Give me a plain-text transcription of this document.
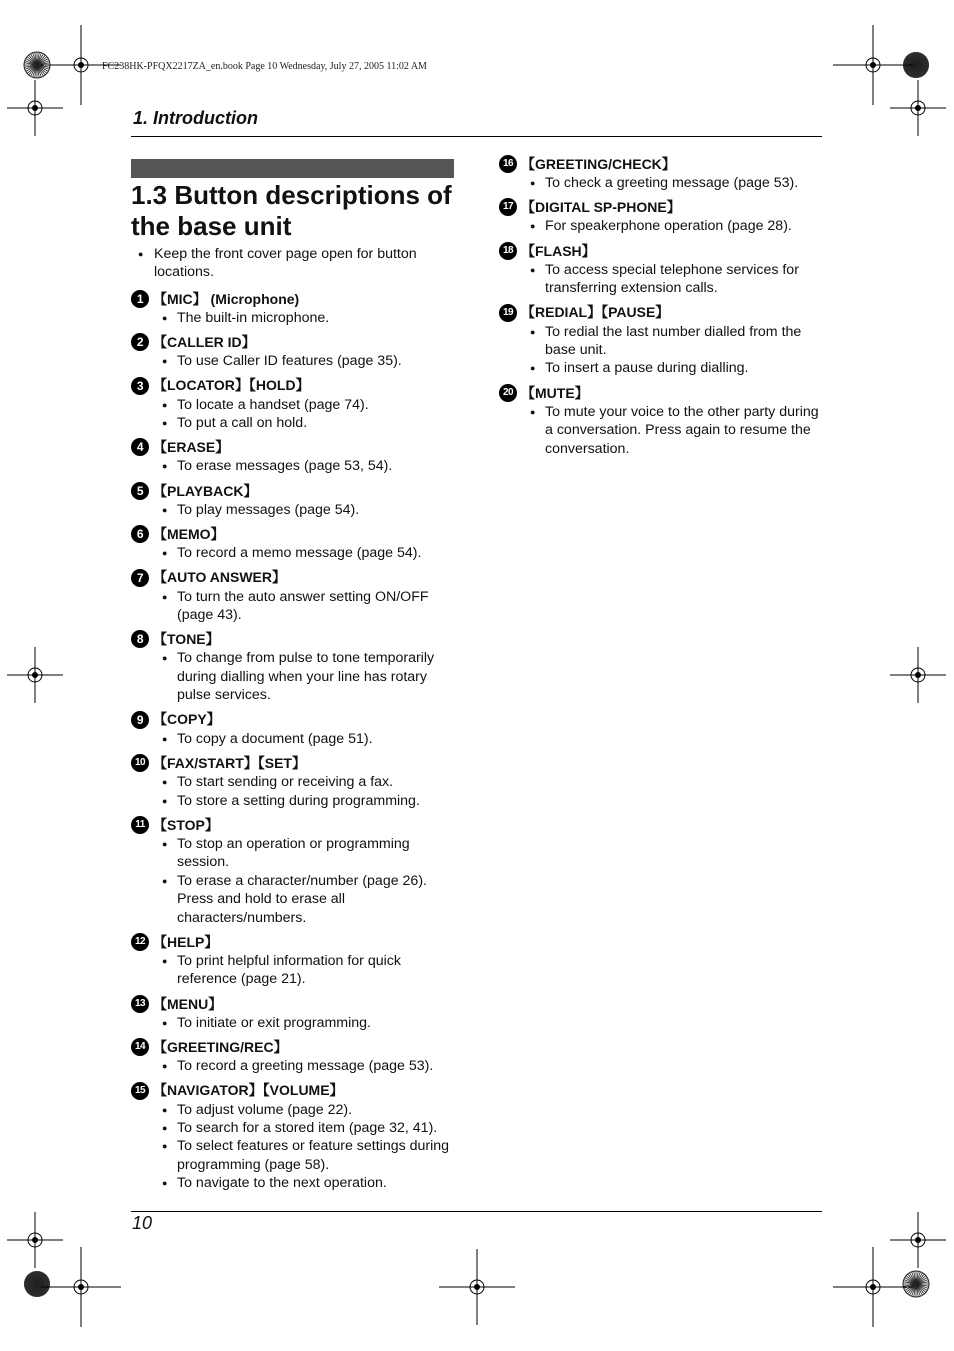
FC238HK-PFQX2217ZA_en.book Page 10 Wednesday, July 27, 2005 11:02 AM
1. Introduction
1.3 Button descriptions of the base unit
● Keep the front cover page open for button locations.
1 【MIC】 (Microphone)
● The built-in microphone.
2 【CALLER ID】
● To use Caller ID features (page 35).
3 【LOCATOR】【HOLD】
● To locate a handset (page 74).
● To put a call on hold.
4 【ERASE】
● To erase messages (page 53, 54).
5 【PLAYBACK】
● To play messages (page 54).
6 【MEMO】
● To record a memo message (page 54).
7 【AUTO ANSWER】
● To turn the auto answer setting ON/OFF (page 43).
8 【TONE】
● To change from pulse to tone temporarily during dialling when your line has rotary pulse services.
9 【COPY】
● To copy a document (page 51).
10 【FAX/START】【SET】
● To start sending or receiving a fax.
● To store a setting during programming.
11 【STOP】
● To stop an operation or programming session.
● To erase a character/number (page 26). Press and hold to erase all characters/numbers.
12 【HELP】
● To print helpful information for quick reference (page 21).
13 【MENU】
● To initiate or exit programming.
14 【GREETING/REC】
● To record a greeting message (page 53).
15 【NAVIGATOR】【VOLUME】
● To adjust volume (page 22).
● To search for a stored item (page 32, 41).
● To select features or feature settings during programming (page 58).
● To navigate to the next operation.
16 【GREETING/CHECK】
● To check a greeting message (page 53).
17 【DIGITAL SP-PHONE】
● For speakerphone operation (page 28).
18 【FLASH】
● To access special telephone services for transferring extension calls.
19 【REDIAL】【PAUSE】
● To redial the last number dialled from the base unit.
● To insert a pause during dialling.
20 【MUTE】
● To mute your voice to the other party during a conversation. Press again to resume the conversation.
10
